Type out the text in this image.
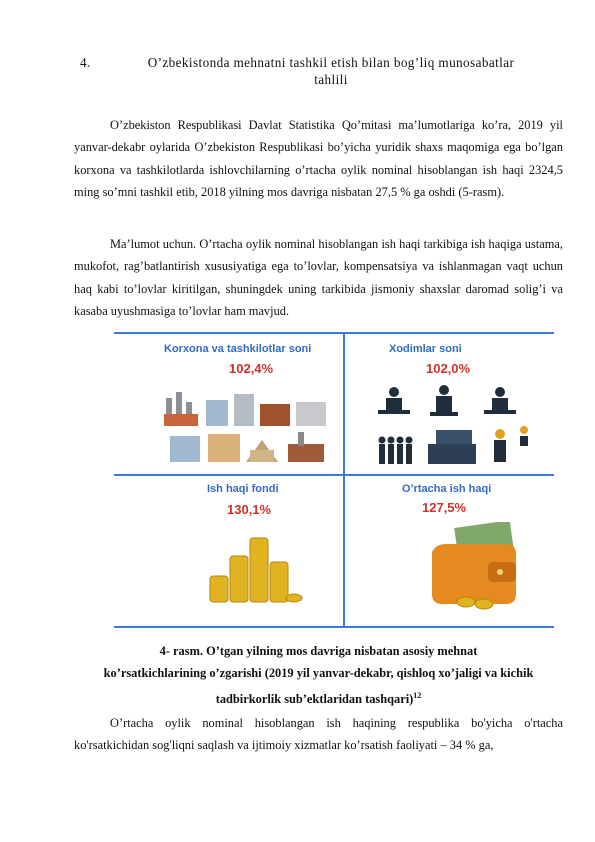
4.	O’zbekistonda mehnatni tashkil etish bilan bog’liq munosabatlar
tahlili
O’zbekiston Respublikasi Davlat Statistika Qo’mitasi ma’lumotlariga ko’ra, 2019 yil yanvar-dekabr oylarida O’zbekiston Respublikasi bo’yicha yuridik shaxs maqomiga ega bo’lgan korxona va tashkilotlarda ishlovchilarning o’rtacha oylik nominal hisoblangan ish haqi 2324,5 ming so’mni tashkil etib, 2018 yilning mos davriga nisbatan 27,5 % ga oshdi (5-rasm).
Ma’lumot uchun. O’rtacha oylik nominal hisoblangan ish haqi tarkibiga ish haqiga ustama, mukofot, rag’batlantirish xususiyatiga ega to’lovlar, kompensatsiya va ishlanmagan vaqt uchun haq kabi to’lovlar kiritilgan, shuningdek uning tarkibida jismoniy shaxslar daromad solig’i va kasaba uyushmasiga to’lovlar ham mavjud.
Korxona va tashkilotlar soni
102,4%
Xodimlar soni
102,0%
Ish haqi fondi
130,1%
O’rtacha ish haqi
127,5%
4- rasm. O’tgan yilning mos davriga nisbatan asosiy mehnat
ko’rsatkichlarining o’zgarishi (2019 yil yanvar-dekabr, qishloq xo’jaligi va kichik
tadbirkorlik sub’ektlaridan tashqari)$^{12}$
O’rtacha oylik nominal hisoblangan ish haqining respublika bo'yicha o'rtacha ko'rsatkichidan sog'liqni saqlash va ijtimoiy xizmatlar ko’rsatish faoliyati – 34 % ga,
